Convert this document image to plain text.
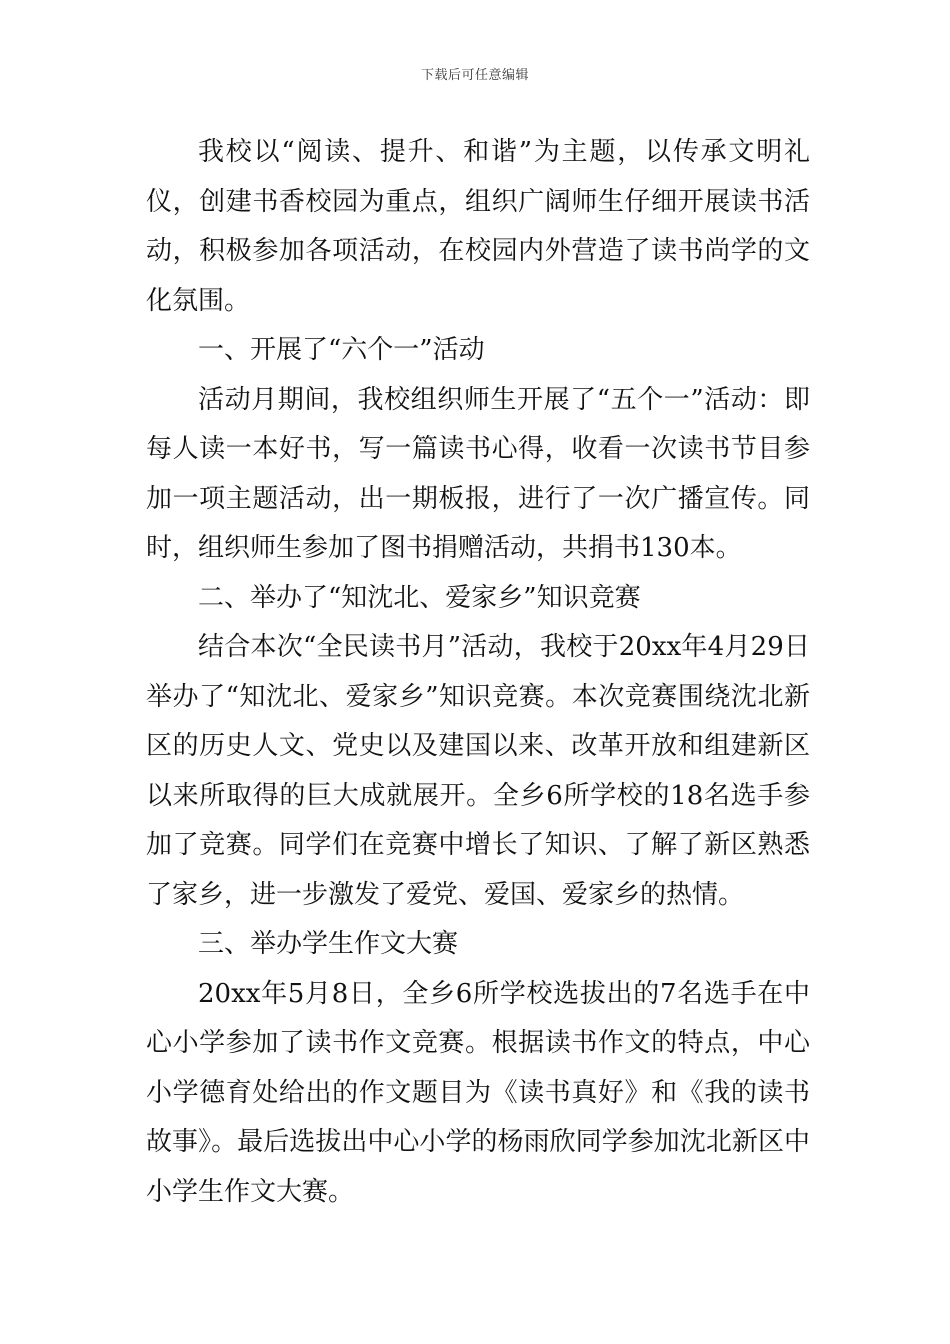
下载后可任意编辑

我校以“阅读、提升、和谐”为主题，以传承文明礼仪，创建书香校园为重点，组织广阔师生仔细开展读书活动，积极参加各项活动，在校园内外营造了读书尚学的文化氛围。

一、开展了“六个一”活动

活动月期间，我校组织师生开展了“五个一”活动：即每人读一本好书，写一篇读书心得，收看一次读书节目参加一项主题活动，出一期板报，进行了一次广播宣传。同时，组织师生参加了图书捐赠活动，共捐书130本。

二、举办了“知沈北、爱家乡”知识竞赛

结合本次“全民读书月”活动，我校于20xx年4月29日举办了“知沈北、爱家乡”知识竞赛。本次竞赛围绕沈北新区的历史人文、党史以及建国以来、改革开放和组建新区以来所取得的巨大成就展开。全乡6所学校的18名选手参加了竞赛。同学们在竞赛中增长了知识、了解了新区熟悉了家乡，进一步激发了爱党、爱国、爱家乡的热情。

三、举办学生作文大赛

20xx年5月8日，全乡6所学校选拔出的7名选手在中心小学参加了读书作文竞赛。根据读书作文的特点，中心小学德育处给出的作文题目为《读书真好》和《我的读书故事》。最后选拔出中心小学的杨雨欣同学参加沈北新区中小学生作文大赛。
